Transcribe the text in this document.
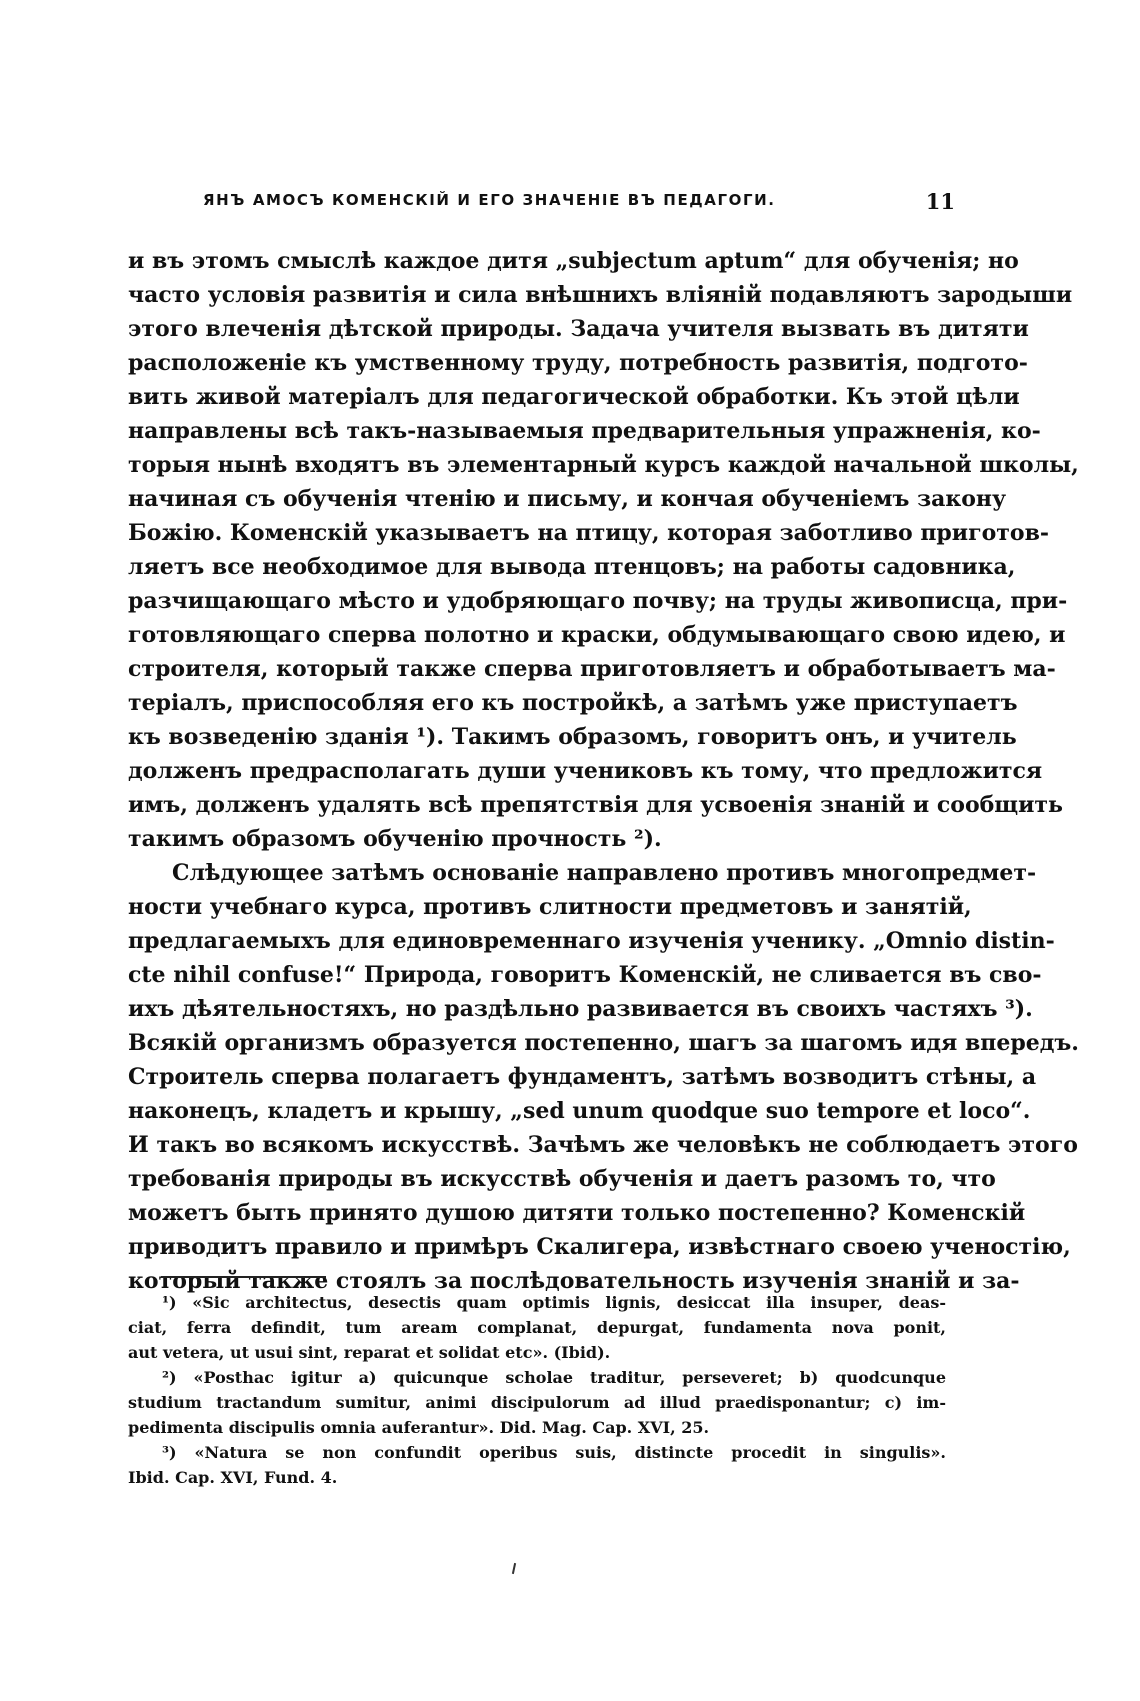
ЯНЪ АМОСЪ КОМЕНСКІЙ И ЕГО ЗНАЧЕНІЕ ВЪ ПЕДАГОГИ.	11
и въ этомъ смыслѣ каждое дитя „subjectum aptum“ для обученія; но
часто условія развитія и сила внѣшнихъ вліяній подавляютъ зародыши
этого влеченія дѣтской природы. Задача учителя вызвать въ дитяти
расположеніе къ умственному труду, потребность развитія, подгото-
вить живой матеріалъ для педагогической обработки. Къ этой цѣли
направлены всѣ такъ-называемыя предварительныя упражненія, ко-
торыя нынѣ входятъ въ элементарный курсъ каждой начальной школы,
начиная съ обученія чтенію и письму, и кончая обученіемъ закону
Божію. Коменскій указываетъ на птицу, которая заботливо приготов-
ляетъ все необходимое для вывода птенцовъ; на работы садовника,
разчищающаго мѣсто и удобряющаго почву; на труды живописца, при-
готовляющаго сперва полотно и краски, обдумывающаго свою идею, и
строителя, который также сперва приготовляетъ и обработываетъ ма-
теріалъ, приспособляя его къ постройкѣ, а затѣмъ уже приступаетъ
къ возведенію зданія ¹). Такимъ образомъ, говоритъ онъ, и учитель
долженъ предрасполагать души учениковъ къ тому, что предложится
имъ, долженъ удалять всѣ препятствія для усвоенія знаній и сообщить
такимъ образомъ обученію прочность ²).
Слѣдующее затѣмъ основаніе направлено противъ многопредмет-
ности учебнаго курса, противъ слитности предметовъ и занятій,
предлагаемыхъ для единовременнаго изученія ученику. „Omnio distin-
cte nihil confuse!“ Природа, говоритъ Коменскій, не сливается въ сво-
ихъ дѣятельностяхъ, но раздѣльно развивается въ своихъ частяхъ ³).
Всякій организмъ образуется постепенно, шагъ за шагомъ идя впередъ.
Строитель сперва полагаетъ фундаментъ, затѣмъ возводитъ стѣны, а
наконецъ, кладетъ и крышу, „sed unum quodque suo tempore et loco“.
И такъ во всякомъ искусствѣ. Зачѣмъ же человѣкъ не соблюдаетъ этого
требованія природы въ искусствѣ обученія и даетъ разомъ то, что
можетъ быть принято душою дитяти только постепенно? Коменскій
приводитъ правило и примѣръ Скалигера, извѣстнаго своею ученостію,
который также стоялъ за послѣдовательность изученія знаній и за-
¹) «Sic architectus, desectis quam optimis lignis, desiccat illa insuper, deas-
ciat, ferra defindit, tum aream complanat, depurgat, fundamenta nova ponit,
aut vetera, ut usui sint, reparat et solidat etc». (Ibid).
²) «Posthac igitur a) quicunque scholae traditur, perseveret; b) quodcunque
studium tractandum sumitur, animi discipulorum ad illud praedisponantur; c) im-
pedimenta discipulis omnia auferantur». Did. Mag. Cap. XVI, 25.
³) «Natura se non confundit operibus suis, distincte procedit in singulis».
Ibid. Cap. XVI, Fund. 4.
